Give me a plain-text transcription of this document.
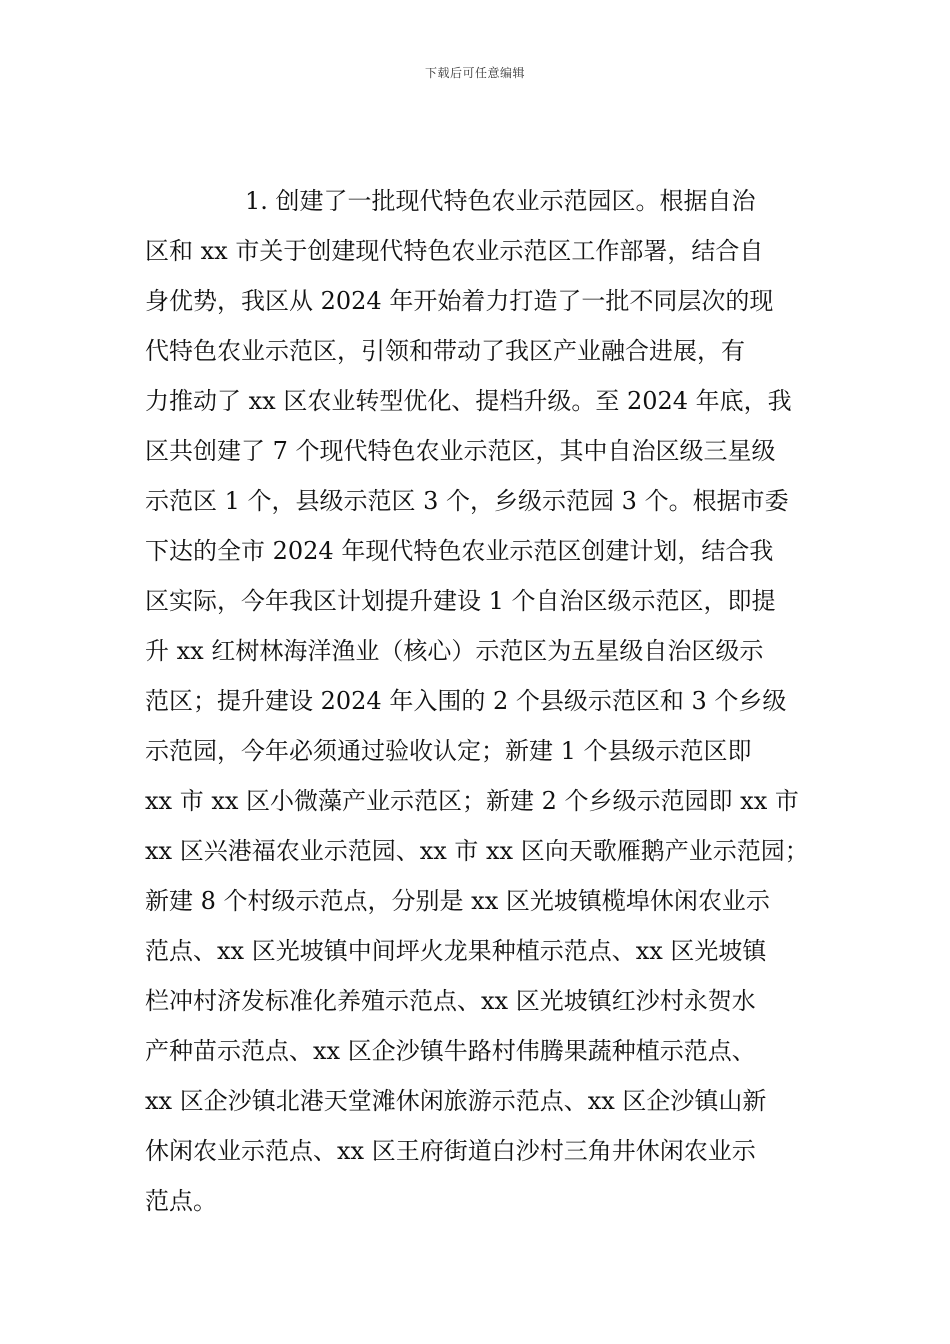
下载后可任意编辑
1. 创建了一批现代特色农业示范园区。根据自治
区和 xx 市关于创建现代特色农业示范区工作部署，结合自
身优势，我区从 2024 年开始着力打造了一批不同层次的现
代特色农业示范区，引领和带动了我区产业融合进展，有
力推动了 xx 区农业转型优化、提档升级。至 2024 年底，我
区共创建了 7 个现代特色农业示范区，其中自治区级三星级
示范区 1 个，县级示范区 3 个，乡级示范园 3 个。根据市委
下达的全市 2024 年现代特色农业示范区创建计划，结合我
区实际，今年我区计划提升建设 1 个自治区级示范区，即提
升 xx 红树林海洋渔业（核心）示范区为五星级自治区级示
范区；提升建设 2024 年入围的 2 个县级示范区和 3 个乡级
示范园，今年必须通过验收认定；新建 1 个县级示范区即
xx 市 xx 区小微藻产业示范区；新建 2 个乡级示范园即 xx 市
xx 区兴港福农业示范园、xx 市 xx 区向天歌雁鹅产业示范园；
新建 8 个村级示范点，分别是 xx 区光坡镇榄埠休闲农业示
范点、xx 区光坡镇中间坪火龙果种植示范点、xx 区光坡镇
栏冲村济发标准化养殖示范点、xx 区光坡镇红沙村永贺水
产种苗示范点、xx 区企沙镇牛路村伟腾果蔬种植示范点、
xx 区企沙镇北港天堂滩休闲旅游示范点、xx 区企沙镇山新
休闲农业示范点、xx 区王府街道白沙村三角井休闲农业示
范点。
